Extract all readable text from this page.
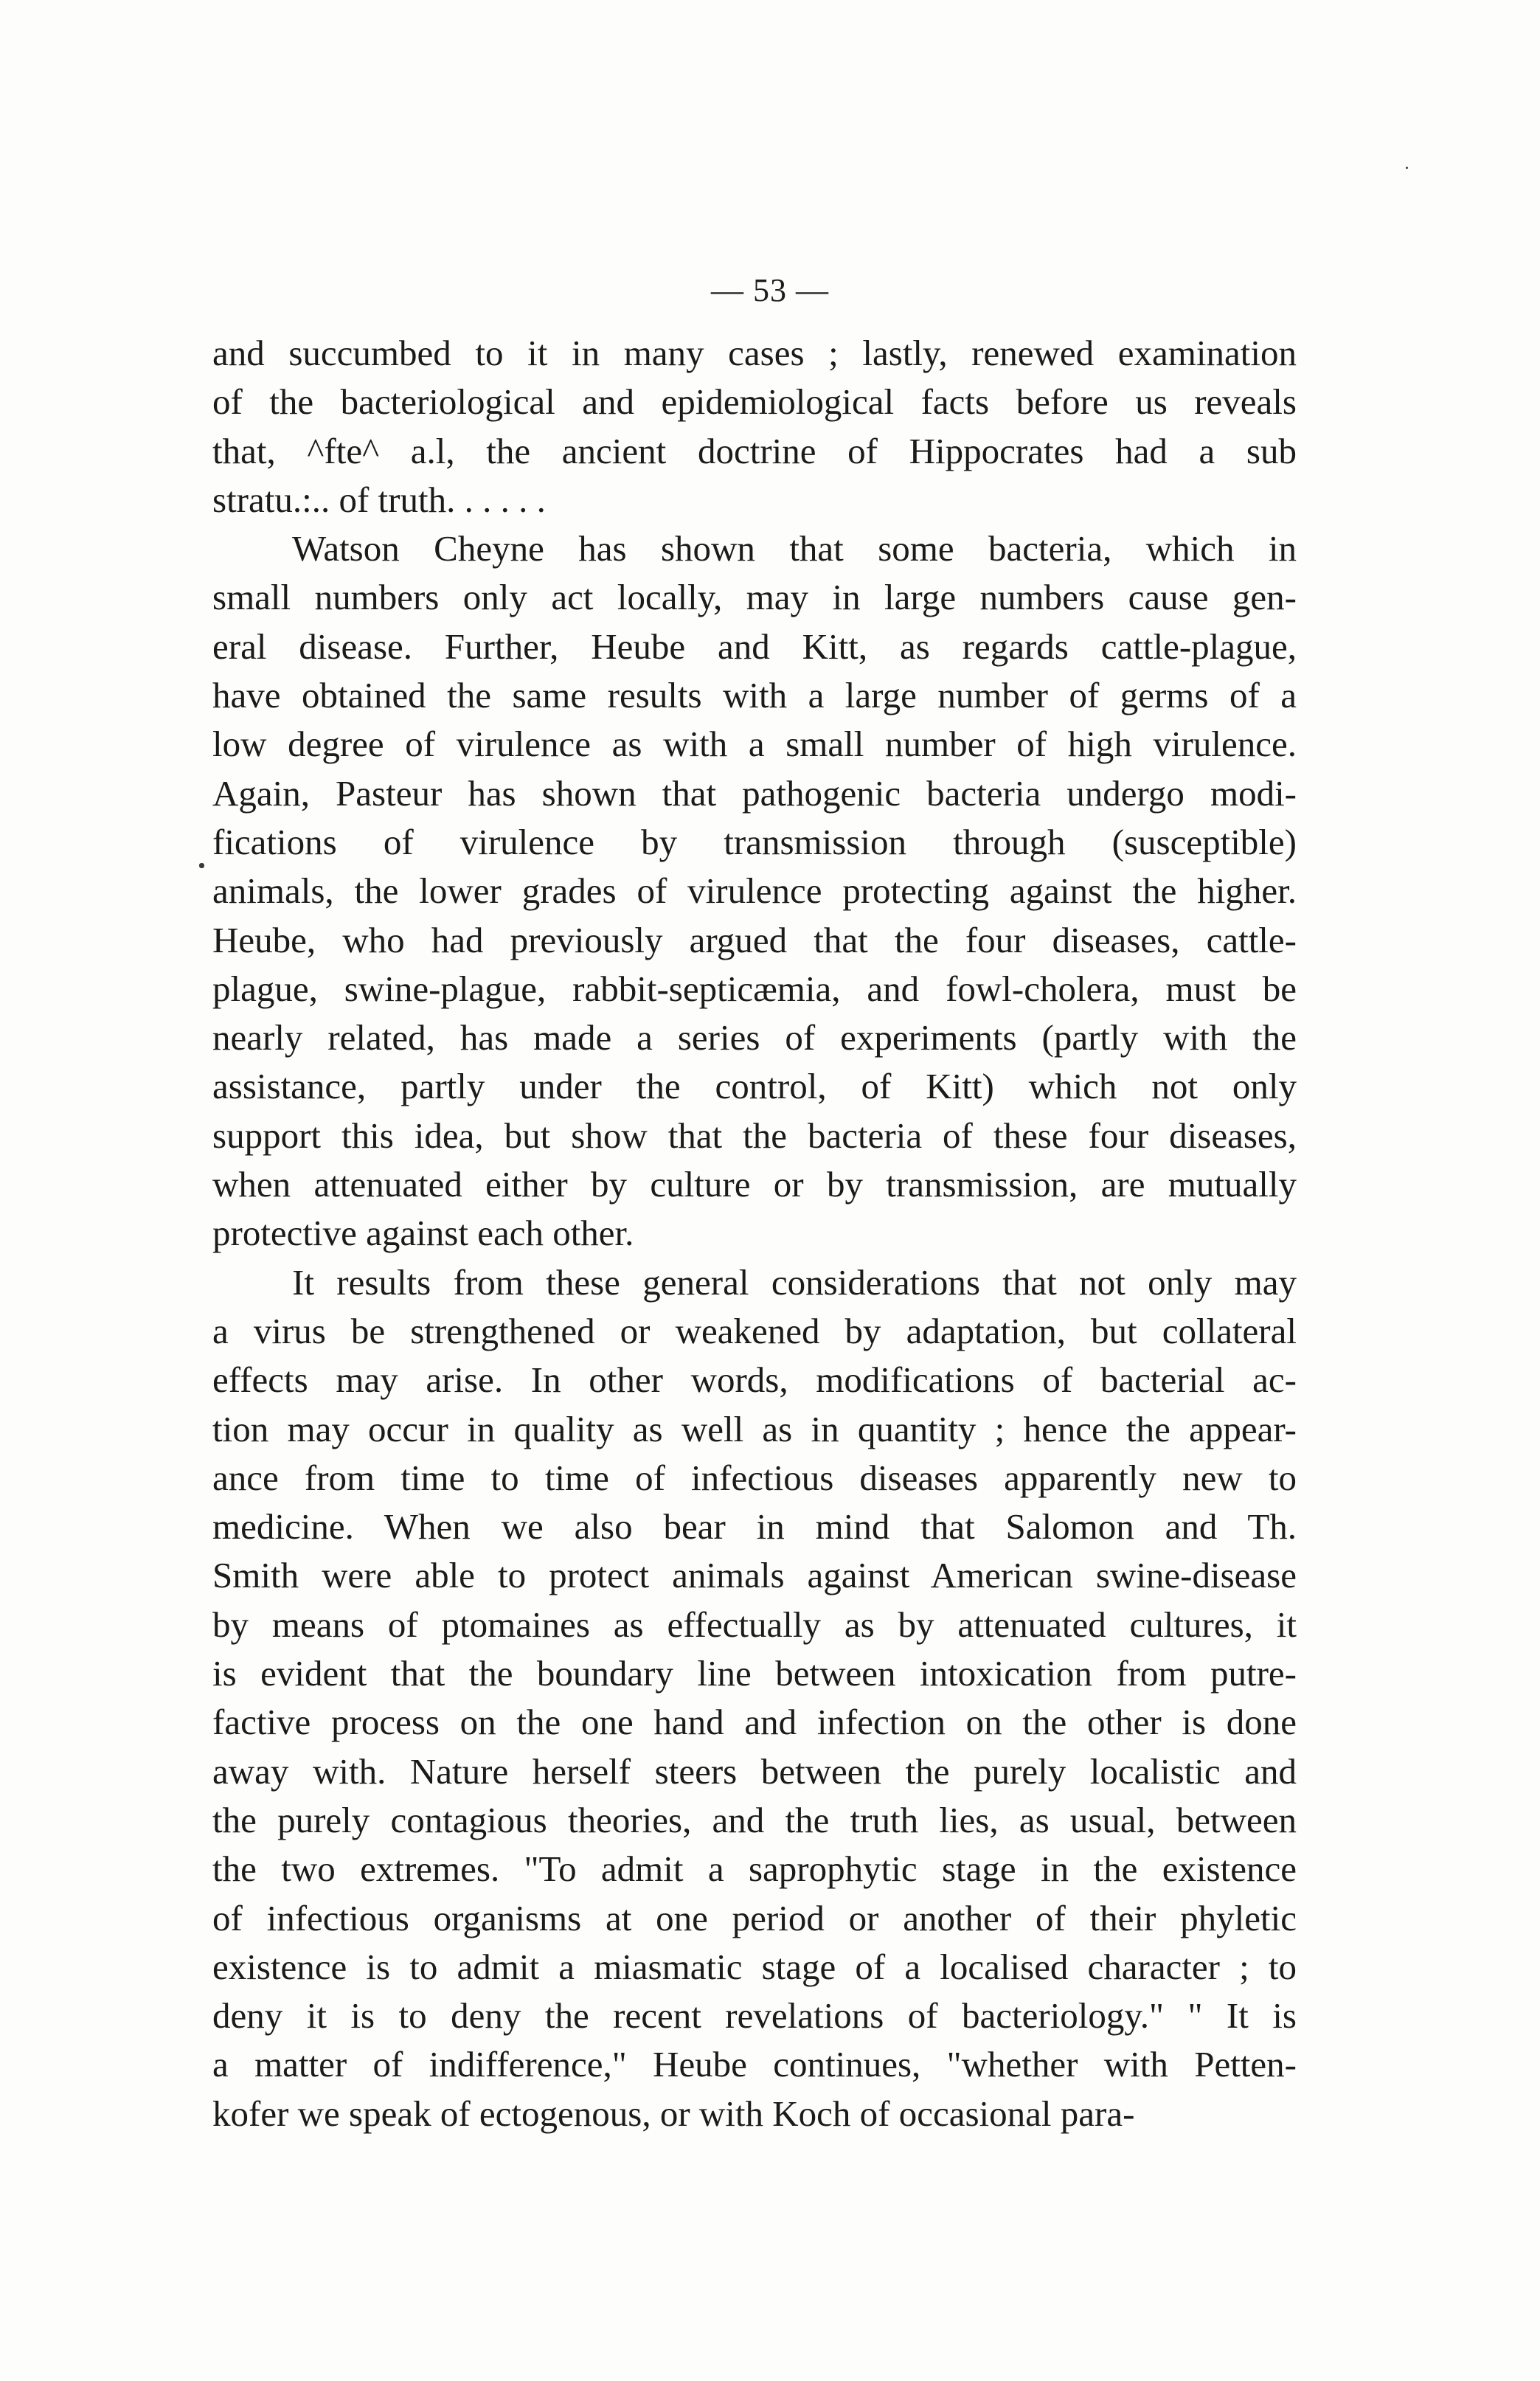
— 53 —
and succumbed to it in many cases ; lastly, renewed examination
of the bacteriological and epidemiological facts before us reveals
that, ^fte^ a.l, the ancient doctrine of Hippocrates had a sub
stratu.:.. of truth. . . . . .
Watson Cheyne has shown that some bacteria, which in
small numbers only act locally, may in large numbers cause gen-
eral disease. Further, Heube and Kitt, as regards cattle-plague,
have obtained the same results with a large number of germs of a
low degree of virulence as with a small number of high virulence.
Again, Pasteur has shown that pathogenic bacteria undergo modi-
fications of virulence by transmission through (susceptible)
animals, the lower grades of virulence protecting against the higher.
Heube, who had previously argued that the four diseases, cattle-
plague, swine-plague, rabbit-septicæmia, and fowl-cholera, must be
nearly related, has made a series of experiments (partly with the
assistance, partly under the control, of Kitt) which not only
support this idea, but show that the bacteria of these four diseases,
when attenuated either by culture or by transmission, are mutually
protective against each other.
It results from these general considerations that not only may
a virus be strengthened or weakened by adaptation, but collateral
effects may arise. In other words, modifications of bacterial ac-
tion may occur in quality as well as in quantity ; hence the appear-
ance from time to time of infectious diseases apparently new to
medicine. When we also bear in mind that Salomon and Th.
Smith were able to protect animals against American swine-disease
by means of ptomaines as effectually as by attenuated cultures, it
is evident that the boundary line between intoxication from putre-
factive process on the one hand and infection on the other is done
away with. Nature herself steers between the purely localistic and
the purely contagious theories, and the truth lies, as usual, between
the two extremes. "To admit a saprophytic stage in the existence
of infectious organisms at one period or another of their phyletic
existence is to admit a miasmatic stage of a localised character ; to
deny it is to deny the recent revelations of bacteriology." " It is
a matter of indifference," Heube continues, "whether with Petten-
kofer we speak of ectogenous, or with Koch of occasional para-
